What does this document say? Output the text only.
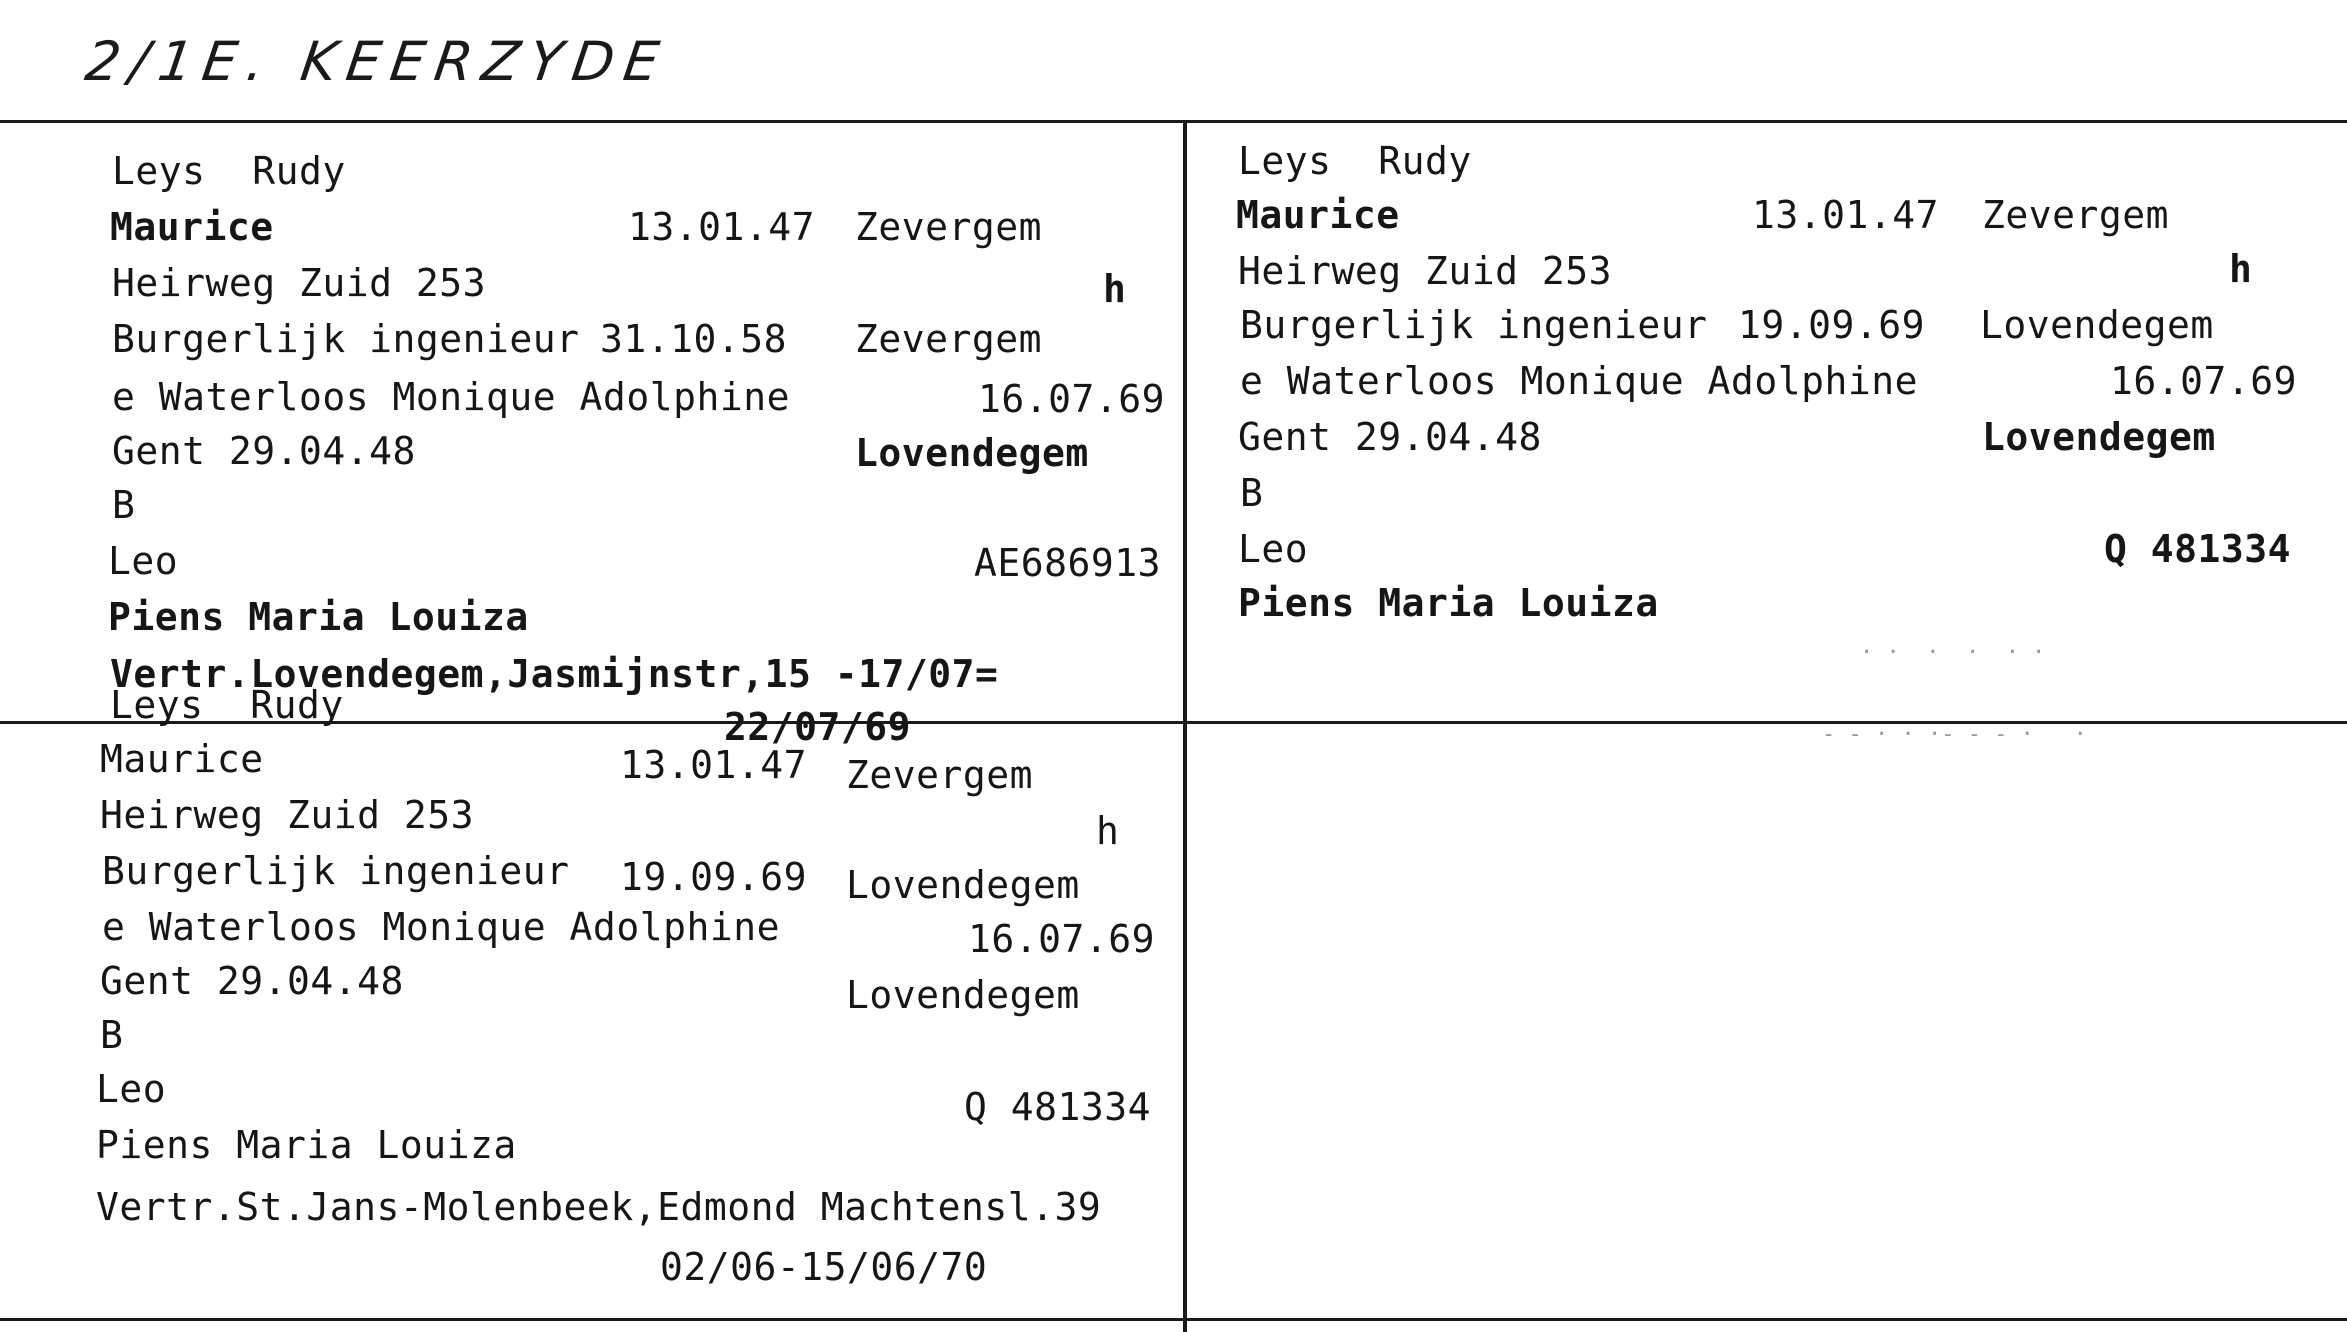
2/1E. KEERZYDE
Leys  Rudy
Maurice	13.01.47 Zevergem
Heirweg Zuid 253	h
Burgerlijk ingenieur 31.10.58 Zevergem
e Waterloos Monique Adolphine	16.07.69
Gent 29.04.48	Lovendegem
B
Leo	AE686913
Piens Maria Louiza
Vertr.Lovendegem,Jasmijnstr,15 -17/07=
22/07/69
Leys  Rudy
Maurice	13.01.47 Zevergem
Heirweg Zuid 253	h
Burgerlijk ingenieur 19.09.69 Lovendegem
e Waterloos Monique Adolphine	16.07.69
Gent 29.04.48	Lovendegem
B
Leo	Q 481334
Piens Maria Louiza
· ·  ·  ·  · ·
- - · · ·- - - ·   ·
Leys  Rudy
Maurice	13.01.47 Zevergem
Heirweg Zuid 253	h
Burgerlijk ingenieur 19.09.69 Lovendegem
e Waterloos Monique Adolphine	16.07.69
Gent 29.04.48	Lovendegem
B
Leo	Q 481334
Piens Maria Louiza
Vertr.St.Jans-Molenbeek,Edmond Machtensl.39
02/06-15/06/70
